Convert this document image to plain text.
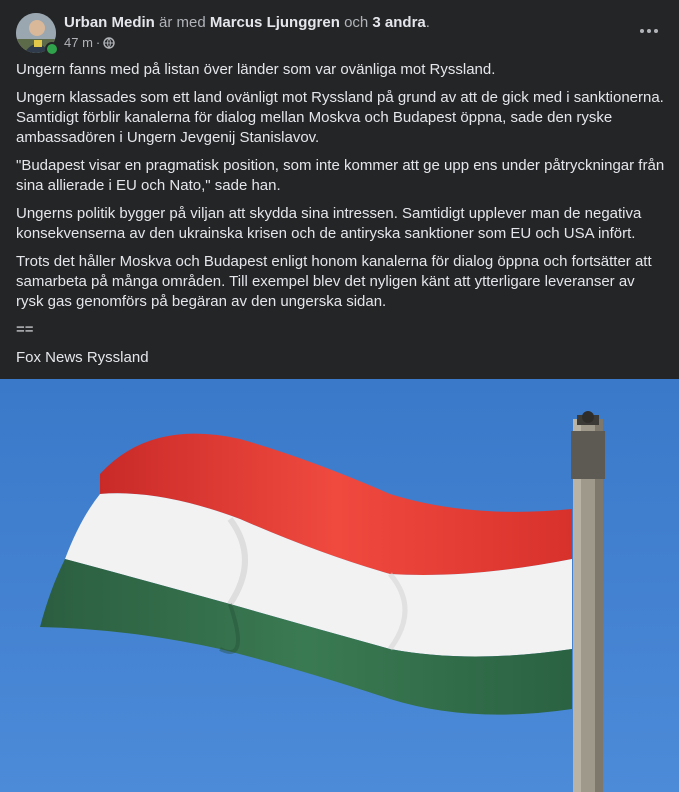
Urban Medin är med Marcus Ljunggren och 3 andra.
47 m ·

Ungern fanns med på listan över länder som var ovänliga mot Ryssland.

Ungern klassades som ett land ovänligt mot Ryssland på grund av att de gick med i sanktionerna. Samtidigt förblir kanalerna för dialog mellan Moskva och Budapest öppna, sade den ryske ambassadören i Ungern Jevgenij Stanislavov.

"Budapest visar en pragmatisk position, som inte kommer att ge upp ens under påtryckningar från sina allierade i EU och Nato," sade han.

Ungerns politik bygger på viljan att skydda sina intressen. Samtidigt upplever man de negativa konsekvenserna av den ukrainska krisen och de antiryska sanktioner som EU och USA infört.

Trots det håller Moskva och Budapest enligt honom kanalerna för dialog öppna och fortsätter att samarbeta på många områden. Till exempel blev det nyligen känt att ytterligare leveranser av rysk gas genomförs på begäran av den ungerska sidan.

==

Fox News Ryssland
